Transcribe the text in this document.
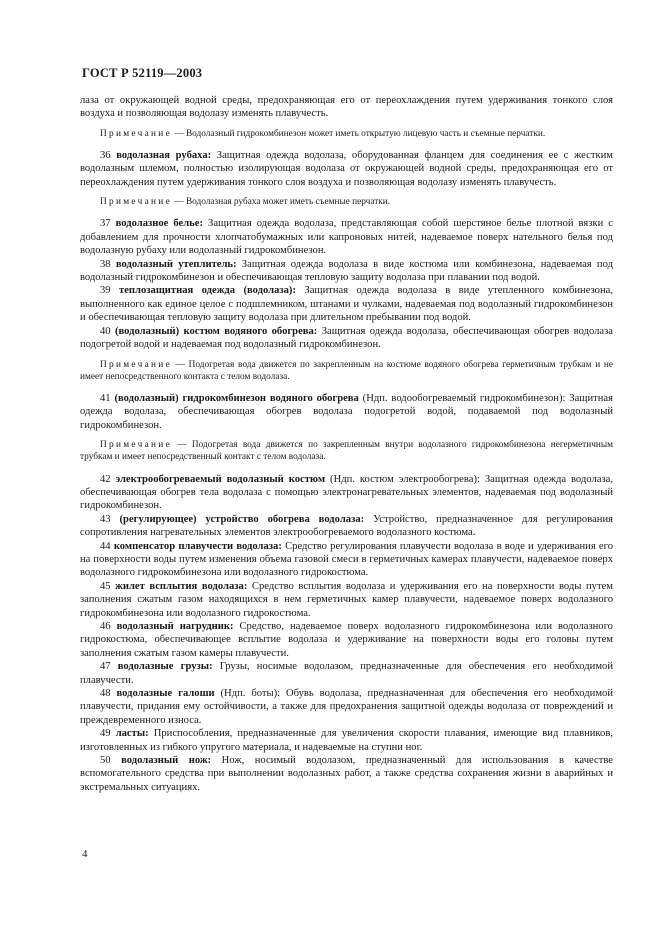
ГОСТ Р 52119—2003

лаза от окружающей водной среды, предохраняющая его от переохлаждения путем удерживания тонкого слоя воздуха и позволяющая водолазу изменять плавучесть.

Примечание — Водолазный гидрокомбинезон может иметь открытую лицевую часть и съемные перчатки.

36 водолазная рубаха: Защитная одежда водолаза, оборудованная фланцем для соединения ее с жестким водолазным шлемом, полностью изолирующая водолаза от окружающей водной среды, предохраняющая его от переохлаждения путем удерживания тонкого слоя воздуха и позволяющая водолазу изменять плавучесть.

Примечание — Водолазная рубаха может иметь съемные перчатки.

37 водолазное белье: Защитная одежда водолаза, представляющая собой шерстяное белье плотной вязки с добавлением для прочности хлопчатобумажных или капроновых нитей, надеваемое поверх нательного белья под водолазную рубаху или водолазный гидрокомбинезон.

38 водолазный утеплитель: Защитная одежда водолаза в виде костюма или комбинезона, надеваемая под водолазный гидрокомбинезон и обеспечивающая тепловую защиту водолаза при плавании под водой.

39 теплозащитная одежда (водолаза): Защитная одежда водолаза в виде утепленного комбинезона, выполненного как единое целое с подшлемником, штанами и чулками, надеваемая под водолазный гидрокомбинезон и обеспечивающая тепловую защиту водолаза при длительном пребывании под водой.

40 (водолазный) костюм водяного обогрева: Защитная одежда водолаза, обеспечивающая обогрев водолаза подогретой водой и надеваемая под водолазный гидрокомбинезон.

Примечание — Подогретая вода движется по закрепленным на костюме водяного обогрева герметичным трубкам и не имеет непосредственного контакта с телом водолаза.

41 (водолазный) гидрокомбинезон водяного обогрева (Ндп. водообогреваемый гидрокомбинезон): Защитная одежда водолаза, обеспечивающая обогрев водолаза подогретой водой, подаваемой под водолазный гидрокомбинезон.

Примечание — Подогретая вода движется по закрепленным внутри водолазного гидрокомбинезона негерметичным трубкам и имеет непосредственный контакт с телом водолаза.

42 электрообогреваемый водолазный костюм (Ндп. костюм электрообогрева): Защитная одежда водолаза, обеспечивающая обогрев тела водолаза с помощью электронагревательных элементов, надеваемая под водолазный гидрокомбинезон.

43 (регулирующее) устройство обогрева водолаза: Устройство, предназначенное для регулирования сопротивления нагревательных элементов электрообогреваемого водолазного костюма.

44 компенсатор плавучести водолаза: Средство регулирования плавучести водолаза в воде и удерживания его на поверхности воды путем изменения объема газовой смеси в герметичных камерах плавучести, надеваемое поверх водолазного гидрокомбинезона или водолазного гидрокостюма.

45 жилет всплытия водолаза: Средство всплытия водолаза и удерживания его на поверхности воды путем заполнения сжатым газом находящихся в нем герметичных камер плавучести, надеваемое поверх водолазного гидрокомбинезона или водолазного гидрокостюма.

46 водолазный нагрудник: Средство, надеваемое поверх водолазного гидрокомбинезона или водолазного гидрокостюма, обеспечивающее всплытие водолаза и удерживание на поверхности воды его головы путем заполнения сжатым газом камеры плавучести.

47 водолазные грузы: Грузы, носимые водолазом, предназначенные для обеспечения его необходимой плавучести.

48 водолазные галоши (Ндп. боты): Обувь водолаза, предназначенная для обеспечения его необходимой плавучести, придания ему остойчивости, а также для предохранения защитной одежды водолаза от повреждений и преждевременного износа.

49 ласты: Приспособления, предназначенные для увеличения скорости плавания, имеющие вид плавников, изготовленных из гибкого упругого материала, и надеваемые на ступни ног.

50 водолазный нож: Нож, носимый водолазом, предназначенный для использования в качестве вспомогательного средства при выполнении водолазных работ, а также средства сохранения жизни в аварийных и экстремальных ситуациях.

4
